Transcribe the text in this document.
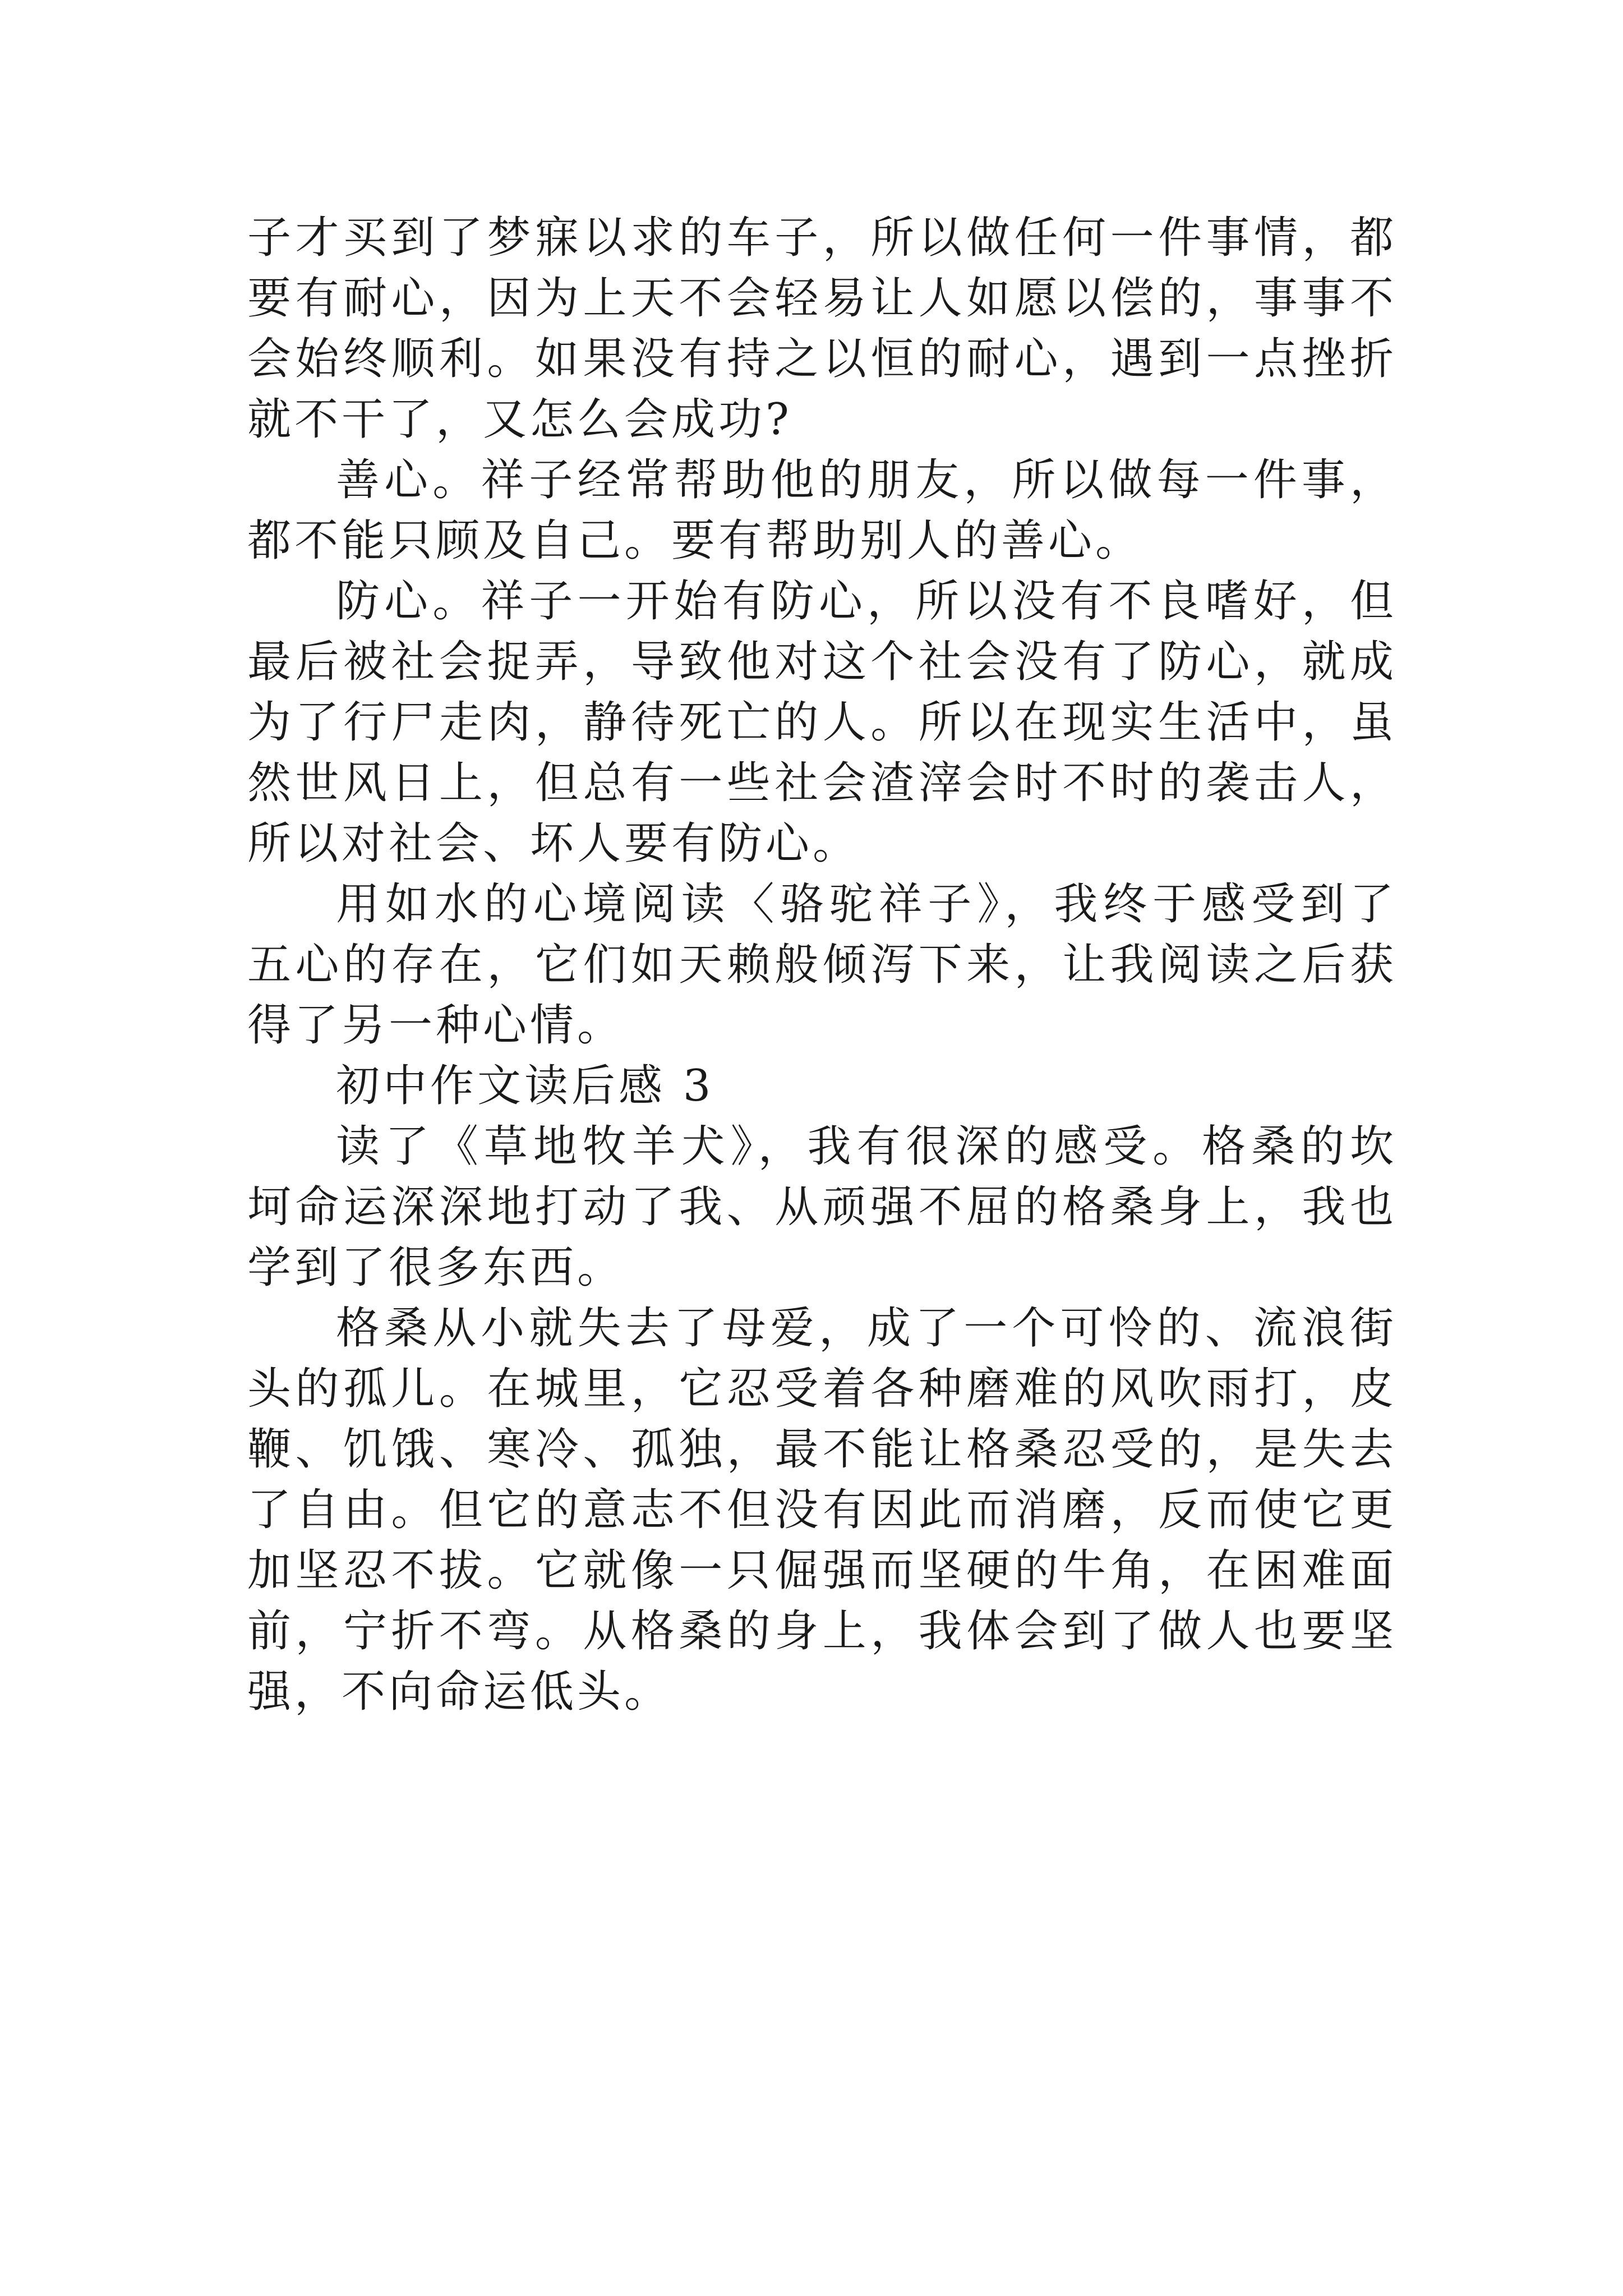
子才买到了梦寐以求的车子，所以做任何一件事情，都要有耐心，因为上天不会轻易让人如愿以偿的，事事不会始终顺利。如果没有持之以恒的耐心，遇到一点挫折就不干了，又怎么会成功?

善心。祥子经常帮助他的朋友，所以做每一件事，都不能只顾及自己。要有帮助别人的善心。

防心。祥子一开始有防心，所以没有不良嗜好，但最后被社会捉弄，导致他对这个社会没有了防心，就成为了行尸走肉，静待死亡的人。所以在现实生活中，虽然世风日上，但总有一些社会渣滓会时不时的袭击人，所以对社会、坏人要有防心。

用如水的心境阅读〈骆驼祥子》，我终于感受到了五心的存在，它们如天赖般倾泻下来，让我阅读之后获得了另一种心情。

初中作文读后感 3

读了《草地牧羊犬》，我有很深的感受。格桑的坎坷命运深深地打动了我、从顽强不屈的格桑身上，我也学到了很多东西。

格桑从小就失去了母爱，成了一个可怜的、流浪街头的孤儿。在城里，它忍受着各种磨难的风吹雨打，皮鞭、饥饿、寒冷、孤独，最不能让格桑忍受的，是失去了自由。但它的意志不但没有因此而消磨，反而使它更加坚忍不拔。它就像一只倔强而坚硬的牛角，在困难面前，宁折不弯。从格桑的身上，我体会到了做人也要坚强，不向命运低头。
